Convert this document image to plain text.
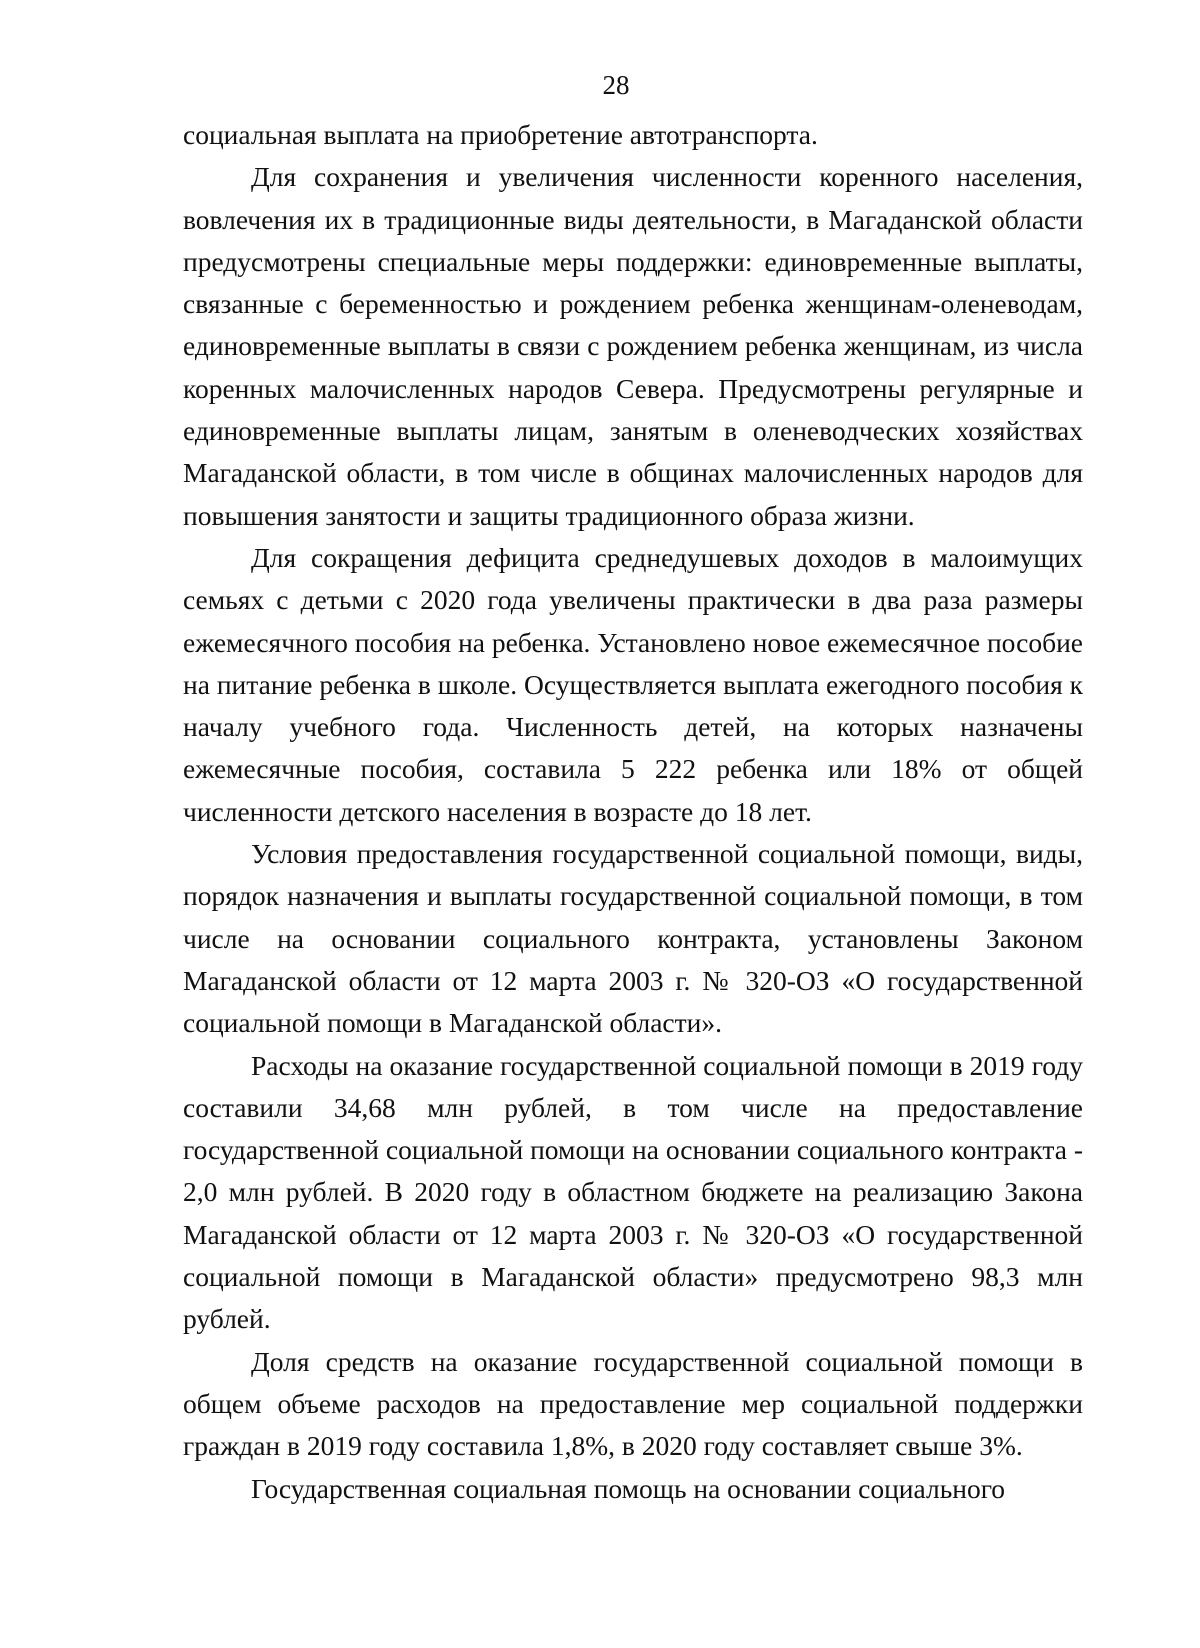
28

социальная выплата на приобретение автотранспорта.

Для сохранения и увеличения численности коренного населения, вовлечения их в традиционные виды деятельности, в Магаданской области предусмотрены специальные меры поддержки: единовременные выплаты, связанные с беременностью и рождением ребенка женщинам-оленеводам, единовременные выплаты в связи с рождением ребенка женщинам, из числа коренных малочисленных народов Севера. Предусмотрены регулярные и единовременные выплаты лицам, занятым в оленеводческих хозяйствах Магаданской области, в том числе в общинах малочисленных народов для повышения занятости и защиты традиционного образа жизни.

Для сокращения дефицита среднедушевых доходов в малоимущих семьях с детьми с 2020 года увеличены практически в два раза размеры ежемесячного пособия на ребенка. Установлено новое ежемесячное пособие на питание ребенка в школе. Осуществляется выплата ежегодного пособия к началу учебного года. Численность детей, на которых назначены ежемесячные пособия, составила 5 222 ребенка или 18% от общей численности детского населения в возрасте до 18 лет.

Условия предоставления государственной социальной помощи, виды, порядок назначения и выплаты государственной социальной помощи, в том числе на основании социального контракта, установлены Законом Магаданской области от 12 марта 2003 г. № 320-ОЗ «О государственной социальной помощи в Магаданской области».

Расходы на оказание государственной социальной помощи в 2019 году составили 34,68 млн рублей, в том числе на предоставление государственной социальной помощи на основании социального контракта - 2,0 млн рублей. В 2020 году в областном бюджете на реализацию Закона Магаданской области от 12 марта 2003 г. № 320-ОЗ «О государственной социальной помощи в Магаданской области» предусмотрено 98,3 млн рублей.

Доля средств на оказание государственной социальной помощи в общем объеме расходов на предоставление мер социальной поддержки граждан в 2019 году составила 1,8%, в 2020 году составляет свыше 3%.

Государственная социальная помощь на основании социального
